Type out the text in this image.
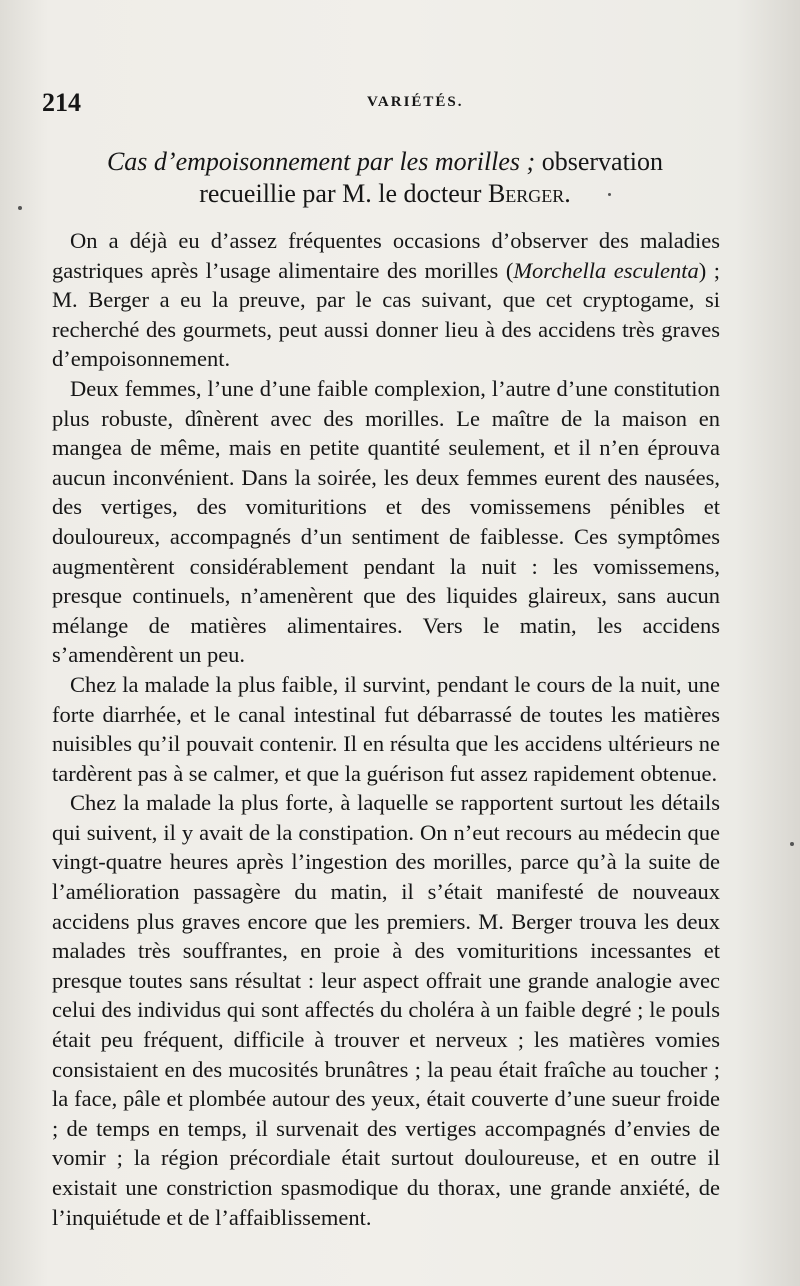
214	VARIÉTÉS.
Cas d’empoisonnement par les morilles ; observation
recueillie par M. le docteur Berger.

On a déjà eu d’assez fréquentes occasions d’observer des maladies gastriques après l’usage alimentaire des morilles (Morchella esculenta) ; M. Berger a eu la preuve, par le cas suivant, que cet cryptogame, si recherché des gourmets, peut aussi donner lieu à des accidens très graves d’empoisonnement.

Deux femmes, l’une d’une faible complexion, l’autre d’une constitution plus robuste, dînèrent avec des morilles. Le maître de la maison en mangea de même, mais en petite quantité seulement, et il n’en éprouva aucun inconvénient. Dans la soirée, les deux femmes eurent des nausées, des vertiges, des vomituritions et des vomissemens pénibles et douloureux, accompagnés d’un sentiment de faiblesse. Ces symptômes augmentèrent considérablement pendant la nuit : les vomissemens, presque continuels, n’amenèrent que des liquides glaireux, sans aucun mélange de matières alimentaires. Vers le matin, les accidens s’amendèrent un peu.

Chez la malade la plus faible, il survint, pendant le cours de la nuit, une forte diarrhée, et le canal intestinal fut débarrassé de toutes les matières nuisibles qu’il pouvait contenir. Il en résulta que les accidens ultérieurs ne tardèrent pas à se calmer, et que la guérison fut assez rapidement obtenue.

Chez la malade la plus forte, à laquelle se rapportent surtout les détails qui suivent, il y avait de la constipation. On n’eut recours au médecin que vingt-quatre heures après l’ingestion des morilles, parce qu’à la suite de l’amélioration passagère du matin, il s’était manifesté de nouveaux accidens plus graves encore que les premiers. M. Berger trouva les deux malades très souffrantes, en proie à des vomituritions incessantes et presque toutes sans résultat : leur aspect offrait une grande analogie avec celui des individus qui sont affectés du choléra à un faible degré ; le pouls était peu fréquent, difficile à trouver et nerveux ; les matières vomies consistaient en des mucosités brunâtres ; la peau était fraîche au toucher ; la face, pâle et plombée autour des yeux, était couverte d’une sueur froide ; de temps en temps, il survenait des vertiges accompagnés d’envies de vomir ; la région précordiale était surtout douloureuse, et en outre il existait une constriction spasmodique du thorax, une grande anxiété, de l’inquiétude et de l’affaiblissement.
